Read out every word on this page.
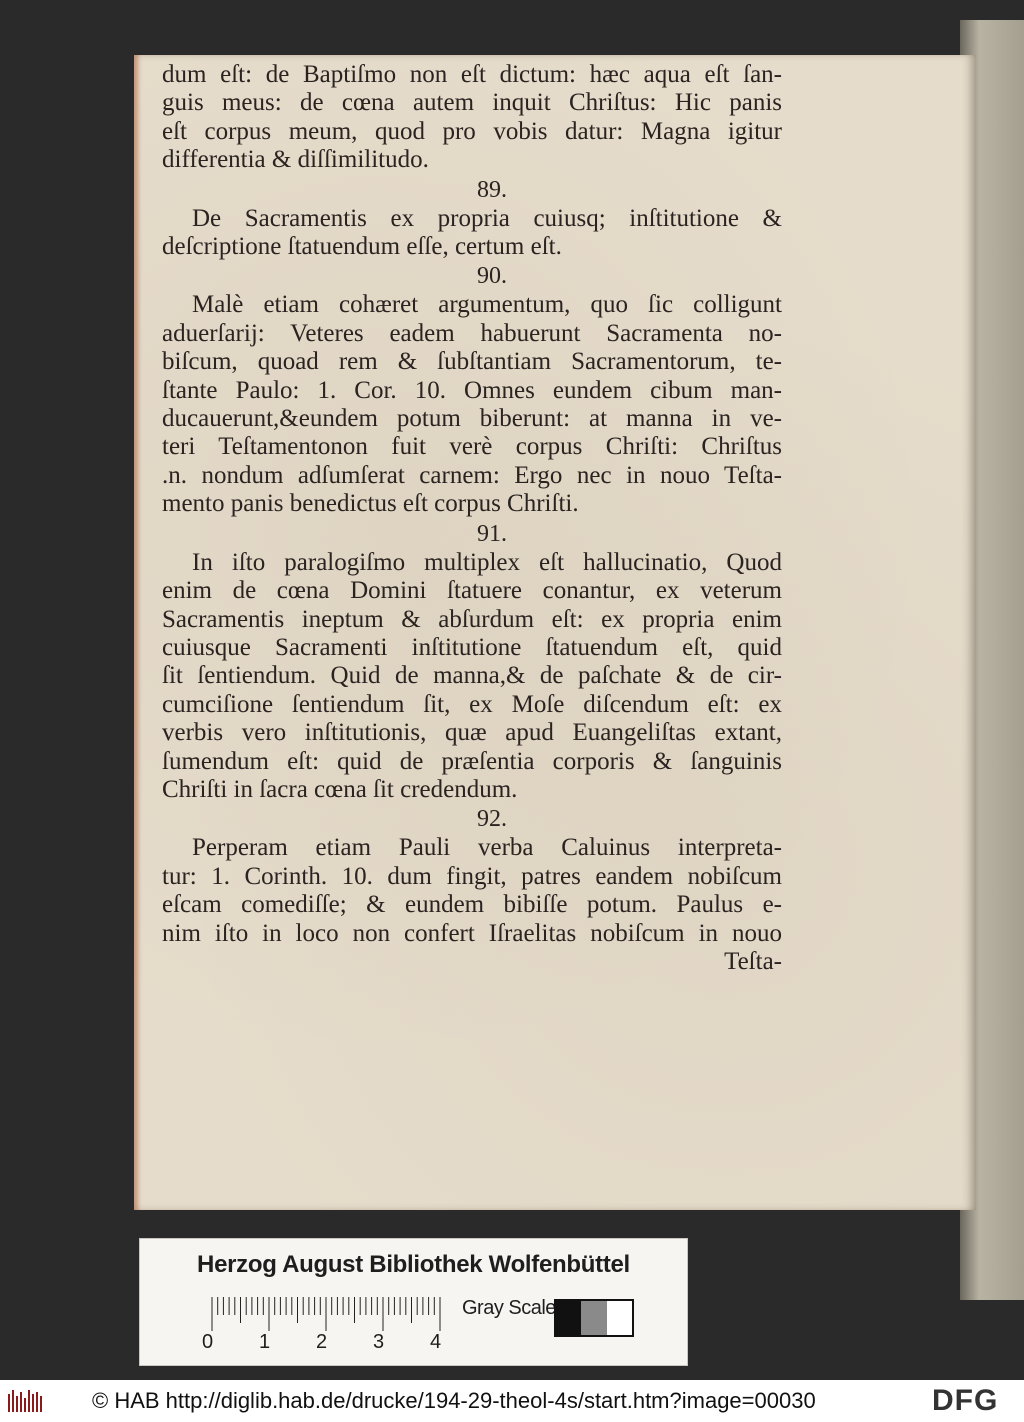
dum eſt: de Baptiſmo non eſt dictum: hæc aqua eſt ſan-
guis meus: de cœna autem inquit Chriſtus: Hic panis
eſt corpus meum, quod pro vobis datur: Magna igitur
differentia & diſſimilitudo.
89.
De Sacramentis ex propria cuiusq; inſtitutione &
deſcriptione ſtatuendum eſſe, certum eſt.
90.
Malè etiam cohæret argumentum, quo ſic colligunt
aduerſarij: Veteres eadem habuerunt Sacramenta no-
biſcum, quoad rem & ſubſtantiam Sacramentorum, te-
ſtante Paulo: 1. Cor. 10. Omnes eundem cibum man-
ducauerunt,&eundem potum biberunt: at manna in ve-
teri Teſtamentonon fuit verè corpus Chriſti: Chriſtus
.n. nondum adſumſerat carnem: Ergo nec in nouo Teſta-
mento panis benedictus eſt corpus Chriſti.
91.
In iſto paralogiſmo multiplex eſt hallucinatio, Quod
enim de cœna Domini ſtatuere conantur, ex veterum
Sacramentis ineptum & abſurdum eſt: ex propria enim
cuiusque Sacramenti inſtitutione ſtatuendum eſt, quid
ſit ſentiendum. Quid de manna,& de paſchate & de cir-
cumciſione ſentiendum ſit, ex Moſe diſcendum eſt: ex
verbis vero inſtitutionis, quæ apud Euangeliſtas extant,
ſumendum eſt: quid de præſentia corporis & ſanguinis
Chriſti in ſacra cœna ſit credendum.
92.
Perperam etiam Pauli verba Caluinus interpreta-
tur: 1. Corinth. 10. dum fingit, patres eandem nobiſcum
eſcam comediſſe; & eundem bibiſſe potum. Paulus e-
nim iſto in loco non confert Iſraelitas nobiſcum in nouo
Teſta-
Herzog August Bibliothek Wolfenbüttel
0 1 2 3 4
Gray Scale
© HAB http://diglib.hab.de/drucke/194-29-theol-4s/start.htm?image=00030	DFG
